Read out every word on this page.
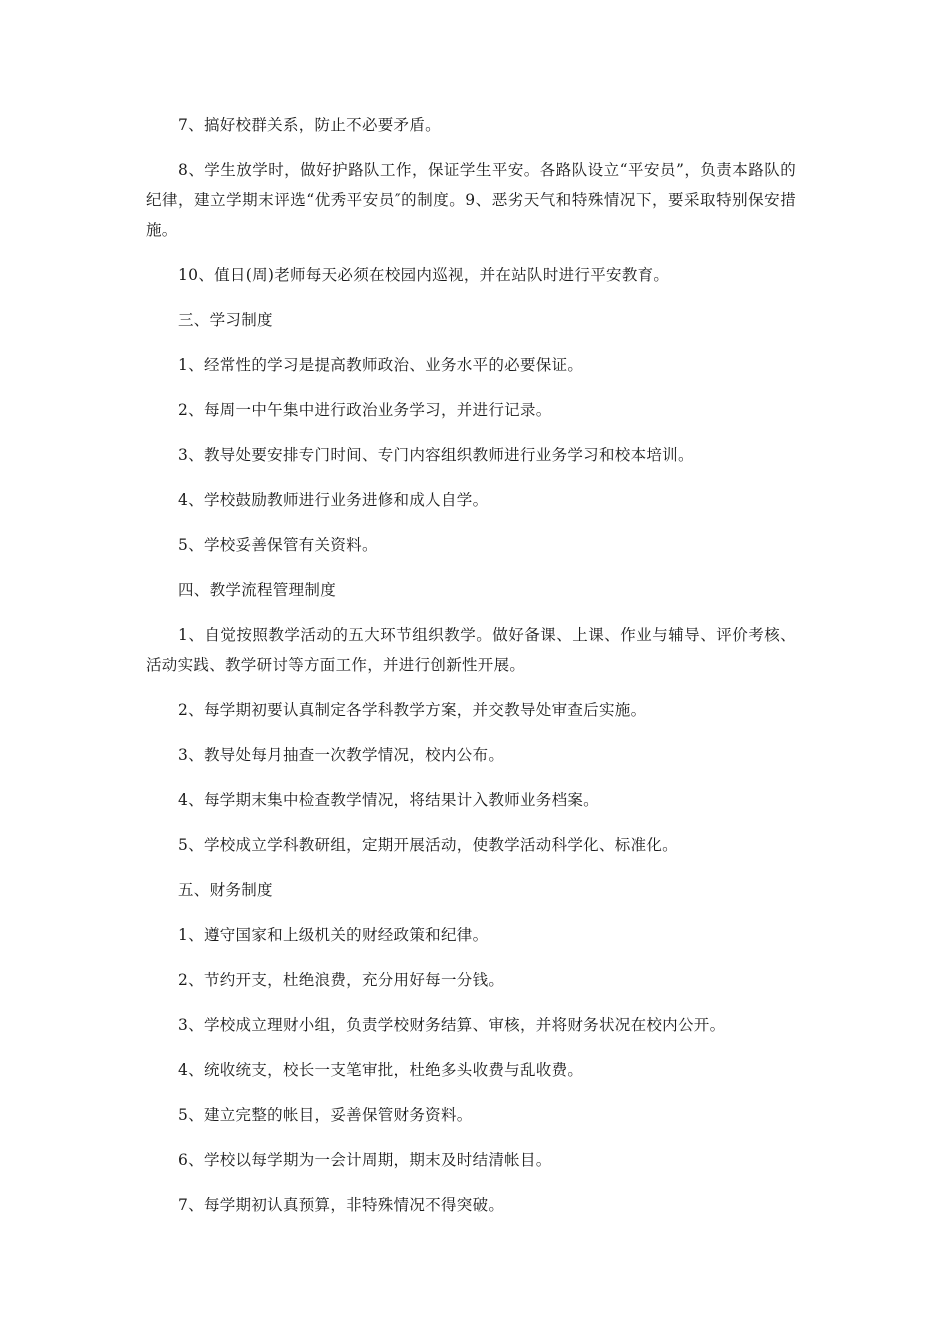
7、搞好校群关系，防止不必要矛盾。

8、学生放学时，做好护路队工作，保证学生平安。各路队设立“平安员”，负责本路队的纪律，建立学期末评选“优秀平安员″的制度。9、恶劣天气和特殊情况下，要采取特别保安措施。

10、值日(周)老师每天必须在校园内巡视，并在站队时进行平安教育。

三、学习制度

1、经常性的学习是提高教师政治、业务水平的必要保证。

2、每周一中午集中进行政治业务学习，并进行记录。

3、教导处要安排专门时间、专门内容组织教师进行业务学习和校本培训。

4、学校鼓励教师进行业务进修和成人自学。

5、学校妥善保管有关资料。

四、教学流程管理制度

1、自觉按照教学活动的五大环节组织教学。做好备课、上课、作业与辅导、评价考核、活动实践、教学研讨等方面工作，并进行创新性开展。

2、每学期初要认真制定各学科教学方案，并交教导处审查后实施。

3、教导处每月抽查一次教学情况，校内公布。

4、每学期末集中检查教学情况，将结果计入教师业务档案。

5、学校成立学科教研组，定期开展活动，使教学活动科学化、标准化。

五、财务制度

1、遵守国家和上级机关的财经政策和纪律。

2、节约开支，杜绝浪费，充分用好每一分钱。

3、学校成立理财小组，负责学校财务结算、审核，并将财务状况在校内公开。

4、统收统支，校长一支笔审批，杜绝多头收费与乱收费。

5、建立完整的帐目，妥善保管财务资料。

6、学校以每学期为一会计周期，期末及时结清帐目。

7、每学期初认真预算，非特殊情况不得突破。
